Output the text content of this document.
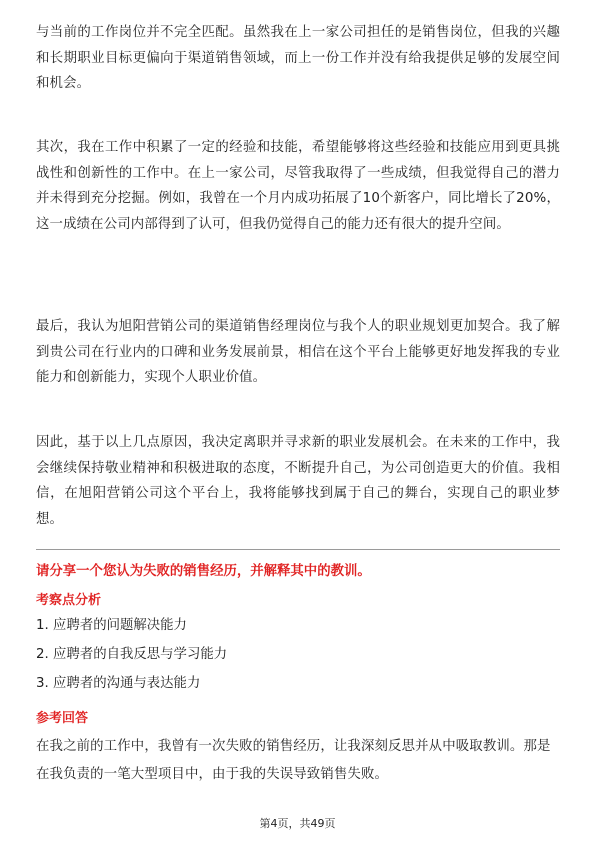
与当前的工作岗位并不完全匹配。虽然我在上一家公司担任的是销售岗位，但我的兴趣和长期职业目标更偏向于渠道销售领域，而上一份工作并没有给我提供足够的发展空间和机会。

其次，我在工作中积累了一定的经验和技能，希望能够将这些经验和技能应用到更具挑战性和创新性的工作中。在上一家公司，尽管我取得了一些成绩，但我觉得自己的潜力并未得到充分挖掘。例如，我曾在一个月内成功拓展了10个新客户，同比增长了20%，这一成绩在公司内部得到了认可，但我仍觉得自己的能力还有很大的提升空间。

最后，我认为旭阳营销公司的渠道销售经理岗位与我个人的职业规划更加契合。我了解到贵公司在行业内的口碑和业务发展前景，相信在这个平台上能够更好地发挥我的专业能力和创新能力，实现个人职业价值。

因此，基于以上几点原因，我决定离职并寻求新的职业发展机会。在未来的工作中，我会继续保持敬业精神和积极进取的态度，不断提升自己，为公司创造更大的价值。我相信，在旭阳营销公司这个平台上，我将能够找到属于自己的舞台，实现自己的职业梦想。

请分享一个您认为失败的销售经历，并解释其中的教训。
考察点分析
1. 应聘者的问题解决能力
2. 应聘者的自我反思与学习能力
3. 应聘者的沟通与表达能力
参考回答

在我之前的工作中，我曾有一次失败的销售经历，让我深刻反思并从中吸取教训。那是在我负责的一笔大型项目中，由于我的失误导致销售失败。

第4页，共49页
